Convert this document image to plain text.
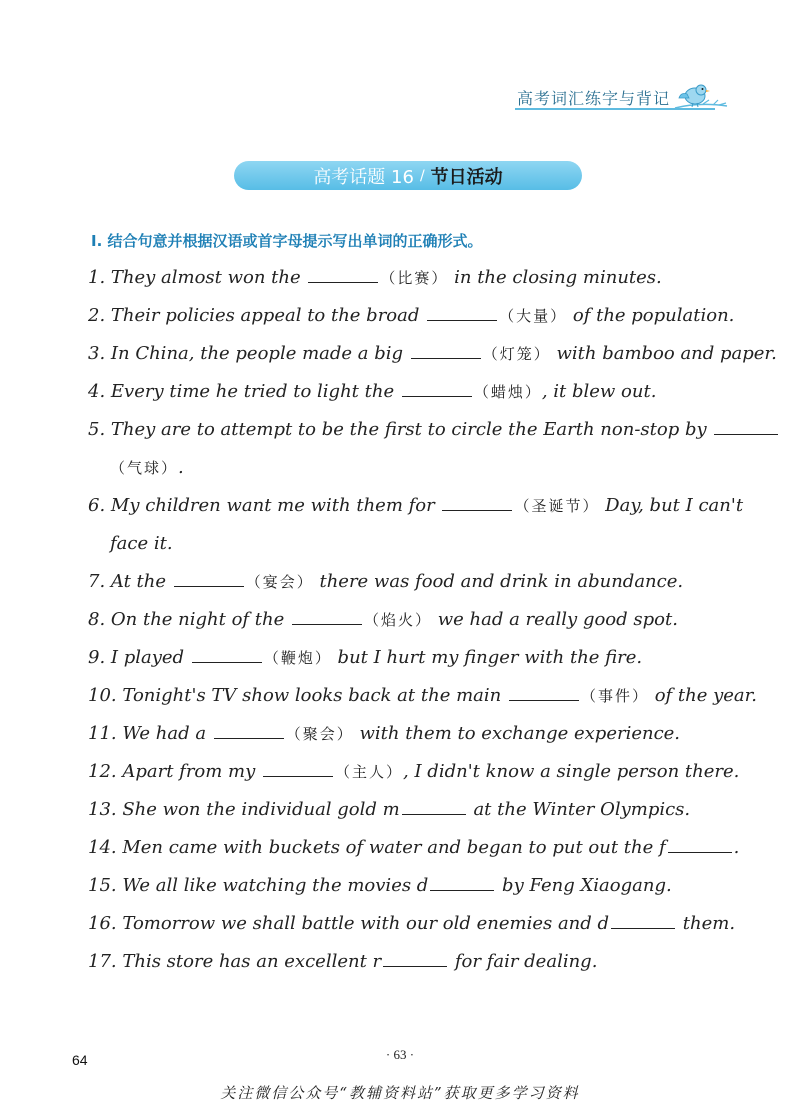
高考词汇练字与背记
高考话题 16 / 节日活动
Ⅰ. 结合句意并根据汉语或首字母提示写出单词的正确形式。
1. They almost won the	（比赛） in the closing minutes.
2. Their policies appeal to the broad	（大量） of the population.
3. In China, the people made a big	（灯笼） with bamboo and paper.
4. Every time he tried to light the	（蜡烛）, it blew out.
5. They are to attempt to be the first to circle the Earth non-stop by
（气球）.
6. My children want me with them for	（圣诞节） Day, but I can't
face it.
7. At the	（宴会） there was food and drink in abundance.
8. On the night of the	（焰火） we had a really good spot.
9. I played	（鞭炮） but I hurt my finger with the fire.
10. Tonight's TV show looks back at the main	（事件） of the year.
11. We had a	（聚会） with them to exchange experience.
12. Apart from my	（主人）, I didn't know a single person there.
13. She won the individual gold m	at the Winter Olympics.
14. Men came with buckets of water and began to put out the f	.
15. We all like watching the movies d	by Feng Xiaogang.
16. Tomorrow we shall battle with our old enemies and d	them.
17. This store has an excellent r	for fair dealing.
64	· 63 ·
关注微信公众号“教辅资料站”获取更多学习资料
